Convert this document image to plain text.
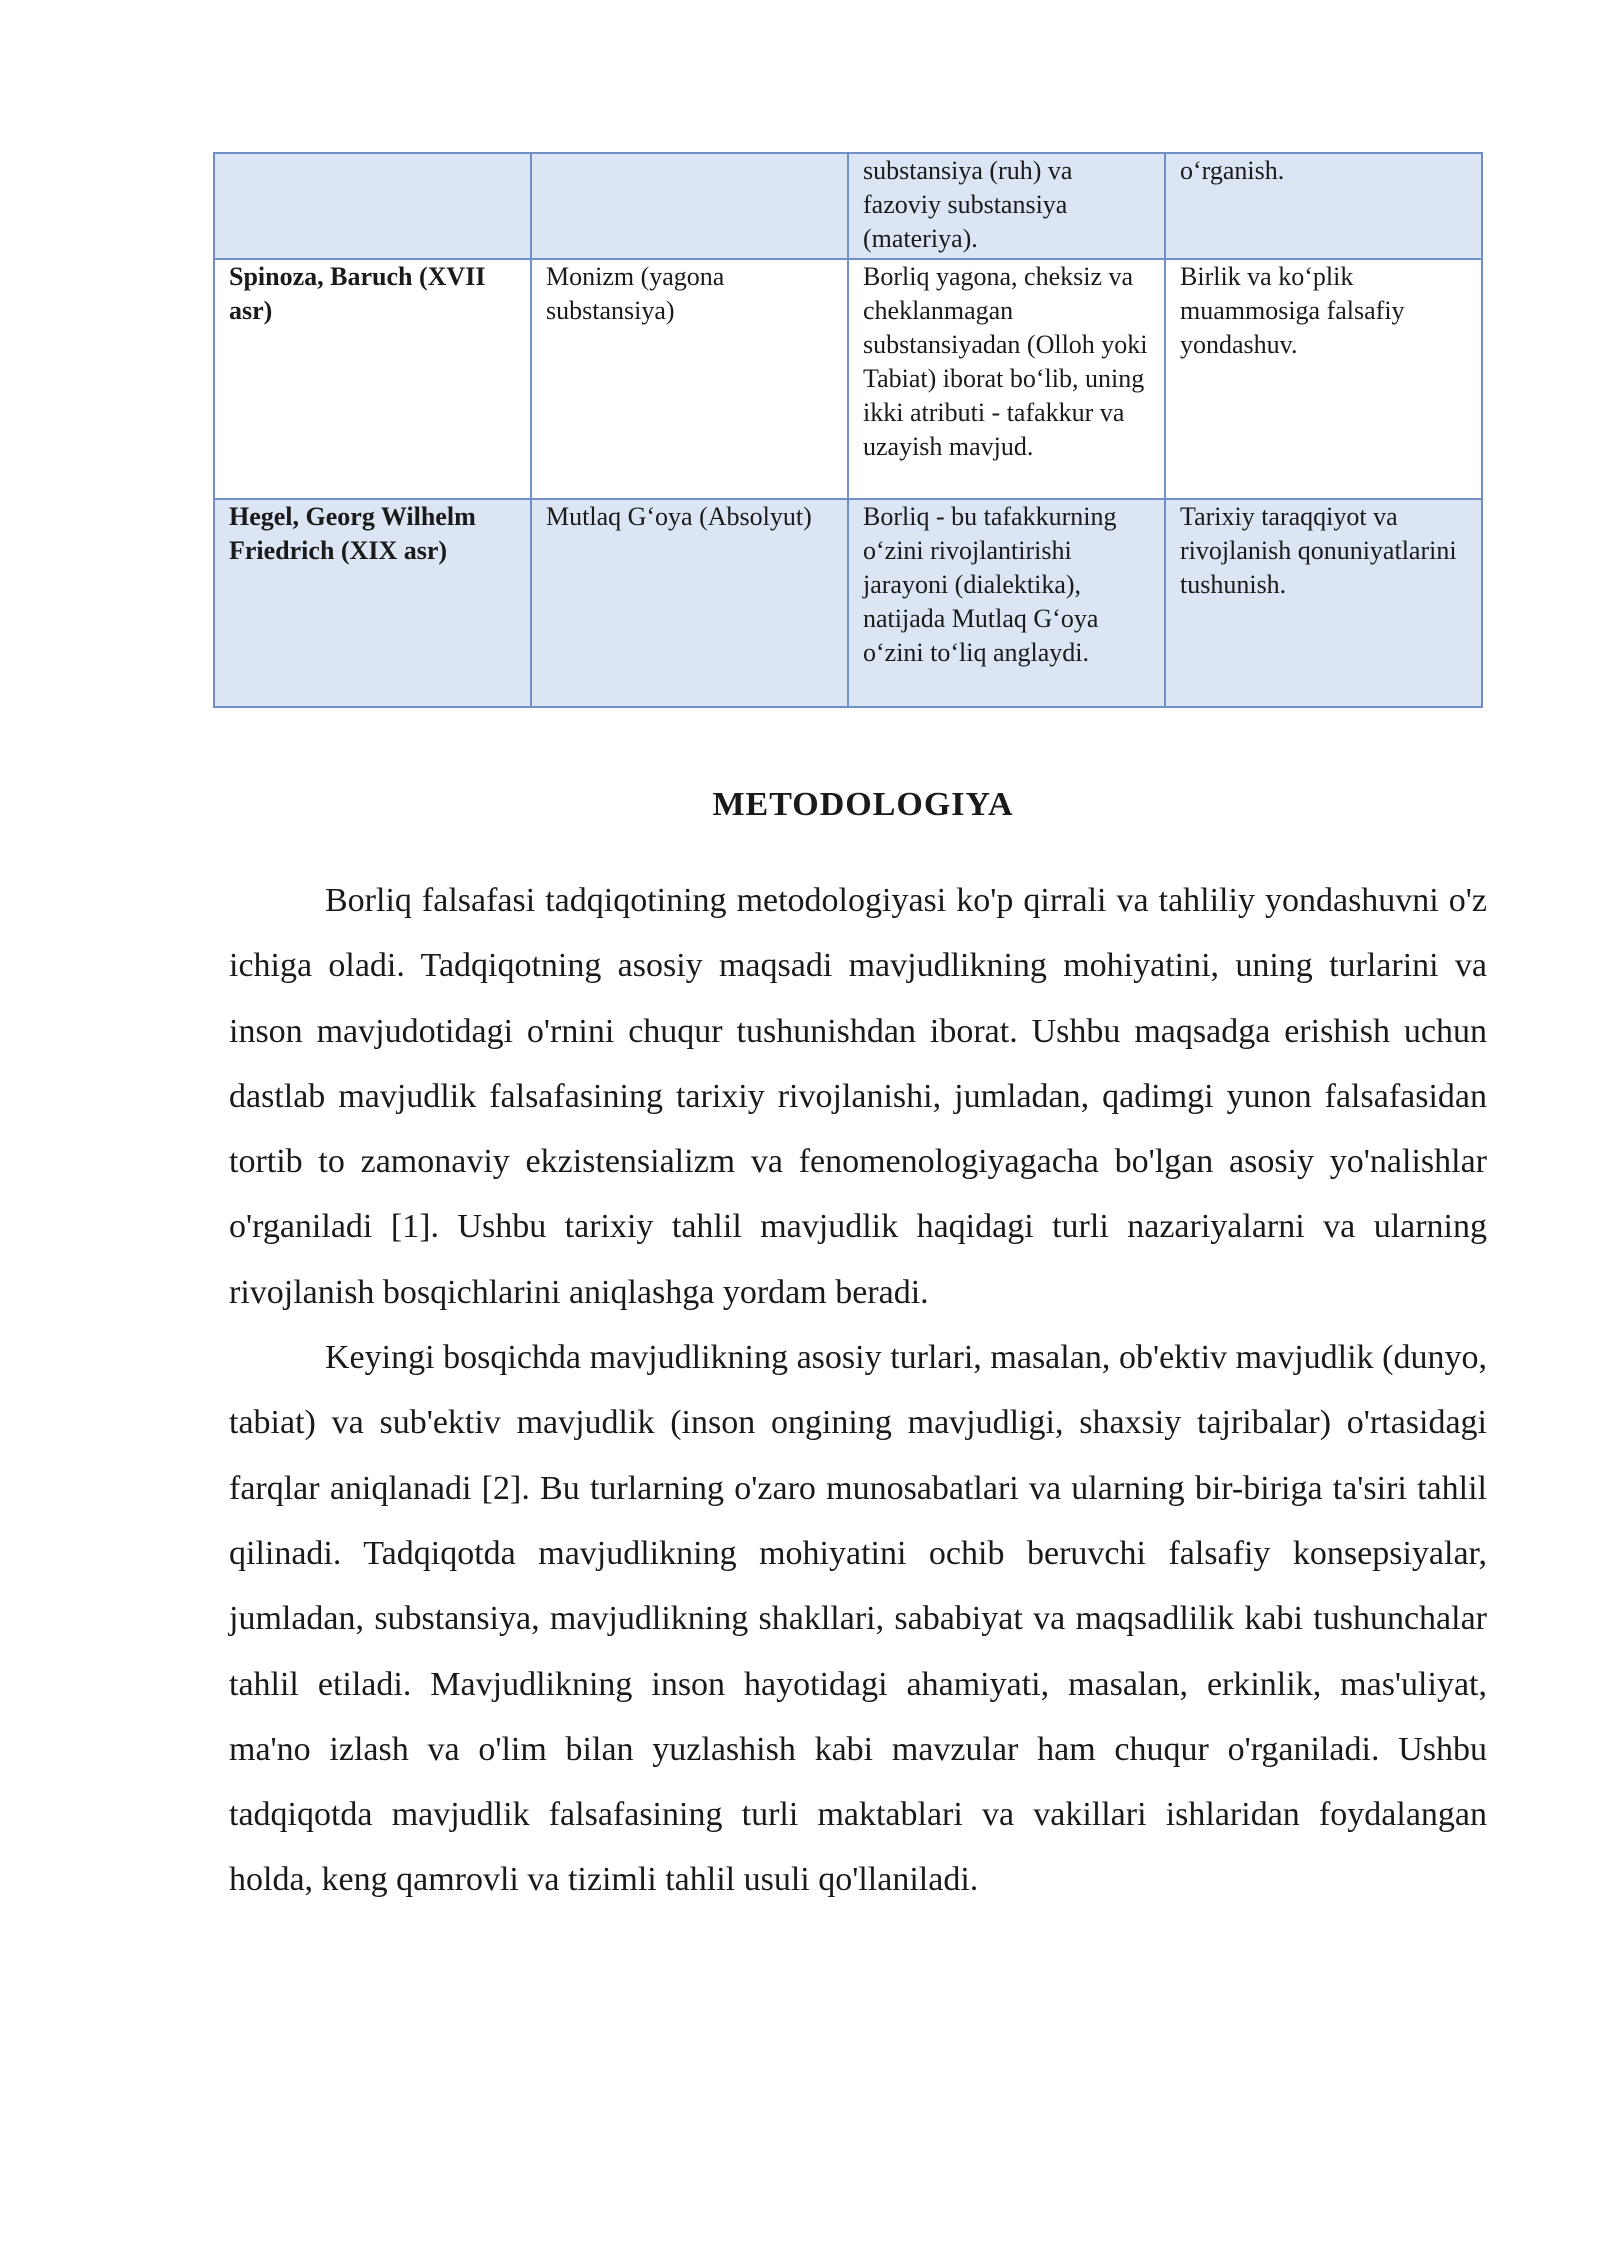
		substansiya (ruh) va fazoviy substansiya (materiya).	o‘rganish.
Spinoza, Baruch (XVII asr)	Monizm (yagona substansiya)	Borliq yagona, cheksiz va cheklanmagan substansiyadan (Olloh yoki Tabiat) iborat bo‘lib, uning ikki atributi - tafakkur va uzayish mavjud.	Birlik va ko‘plik muammosiga falsafiy yondashuv.
Hegel, Georg Wilhelm Friedrich (XIX asr)	Mutlaq G‘oya (Absolyut)	Borliq - bu tafakkurning o‘zini rivojlantirishi jarayoni (dialektika), natijada Mutlaq G‘oya o‘zini to‘liq anglaydi.	Tarixiy taraqqiyot va rivojlanish qonuniyatlarini tushunish.
METODOLOGIYA

Borliq falsafasi tadqiqotining metodologiyasi ko'p qirrali va tahliliy yondashuvni o'z ichiga oladi. Tadqiqotning asosiy maqsadi mavjudlikning mohiyatini, uning turlarini va inson mavjudotidagi o'rnini chuqur tushunishdan iborat. Ushbu maqsadga erishish uchun dastlab mavjudlik falsafasining tarixiy rivojlanishi, jumladan, qadimgi yunon falsafasidan tortib to zamonaviy ekzistensializm va fenomenologiyagacha bo'lgan asosiy yo'nalishlar o'rganiladi [1]. Ushbu tarixiy tahlil mavjudlik haqidagi turli nazariyalarni va ularning rivojlanish bosqichlarini aniqlashga yordam beradi.

Keyingi bosqichda mavjudlikning asosiy turlari, masalan, ob'ektiv mavjudlik (dunyo, tabiat) va sub'ektiv mavjudlik (inson ongining mavjudligi, shaxsiy tajribalar) o'rtasidagi farqlar aniqlanadi [2]. Bu turlarning o'zaro munosabatlari va ularning bir-biriga ta'siri tahlil qilinadi. Tadqiqotda mavjudlikning mohiyatini ochib beruvchi falsafiy konsepsiyalar, jumladan, substansiya, mavjudlikning shakllari, sababiyat va maqsadlilik kabi tushunchalar tahlil etiladi. Mavjudlikning inson hayotidagi ahamiyati, masalan, erkinlik, mas'uliyat, ma'no izlash va o'lim bilan yuzlashish kabi mavzular ham chuqur o'rganiladi. Ushbu tadqiqotda mavjudlik falsafasining turli maktablari va vakillari ishlaridan foydalangan holda, keng qamrovli va tizimli tahlil usuli qo'llaniladi.
